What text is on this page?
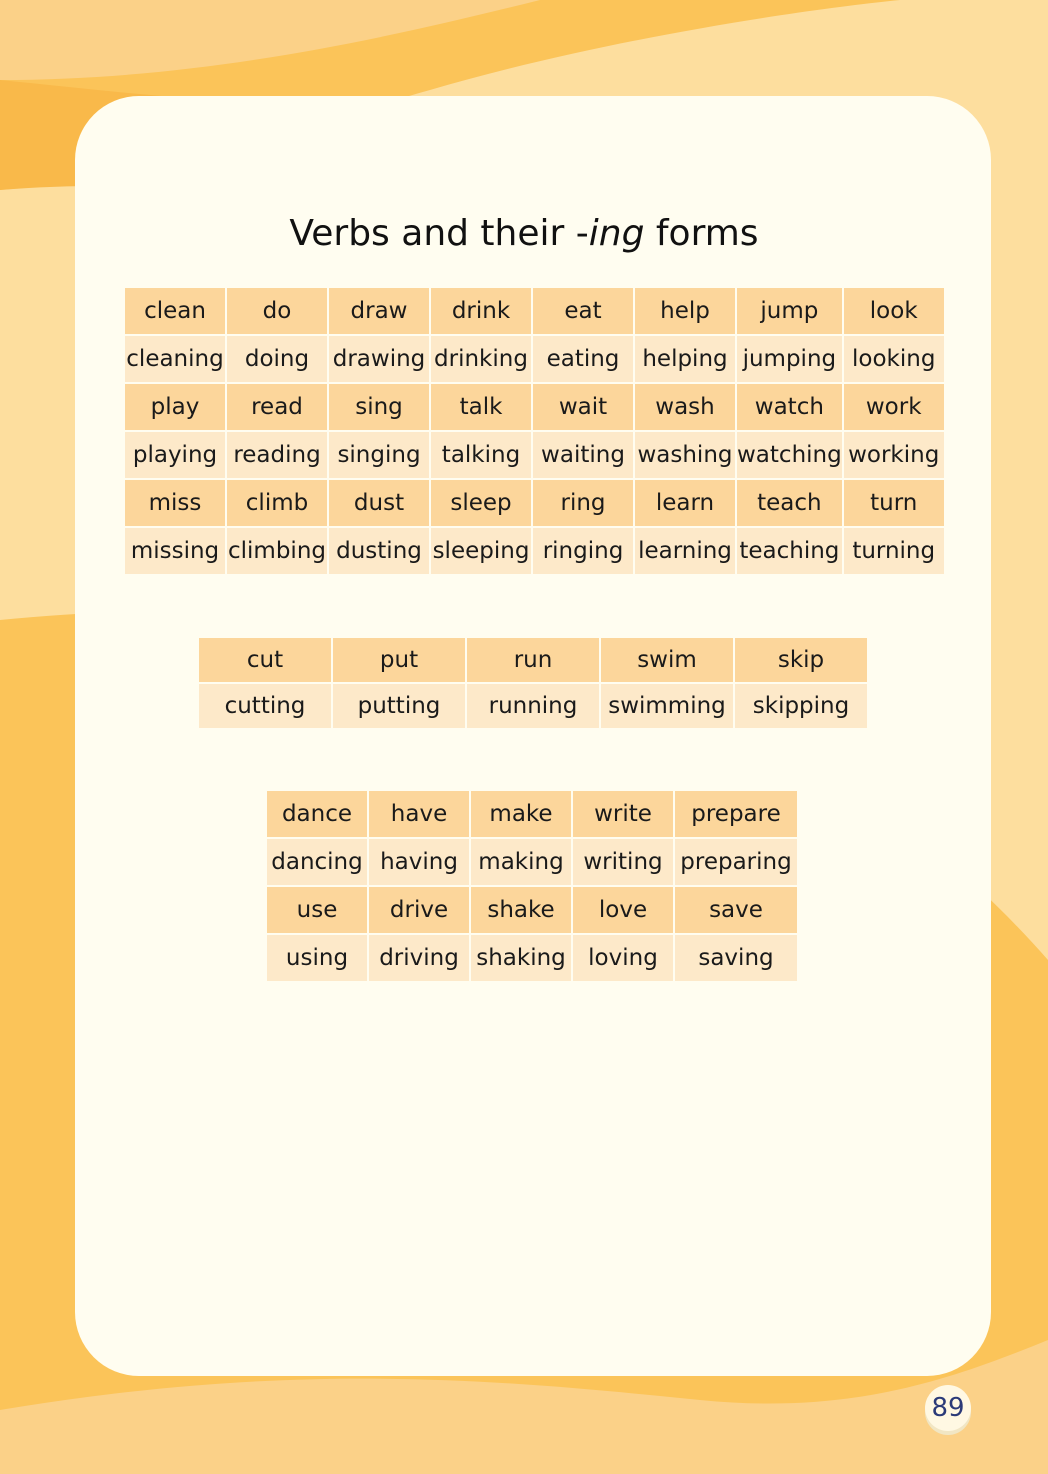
Verbs and their -ing forms
clean	do	draw	drink	eat	help	jump	look
cleaning	doing	drawing	drinking	eating	helping	jumping	looking
play	read	sing	talk	wait	wash	watch	work
playing	reading	singing	talking	waiting	washing	watching	working
miss	climb	dust	sleep	ring	learn	teach	turn
missing	climbing	dusting	sleeping	ringing	learning	teaching	turning
cut	put	run	swim	skip
cutting	putting	running	swimming	skipping
dance	have	make	write	prepare
dancing	having	making	writing	preparing
use	drive	shake	love	save
using	driving	shaking	loving	saving
89
